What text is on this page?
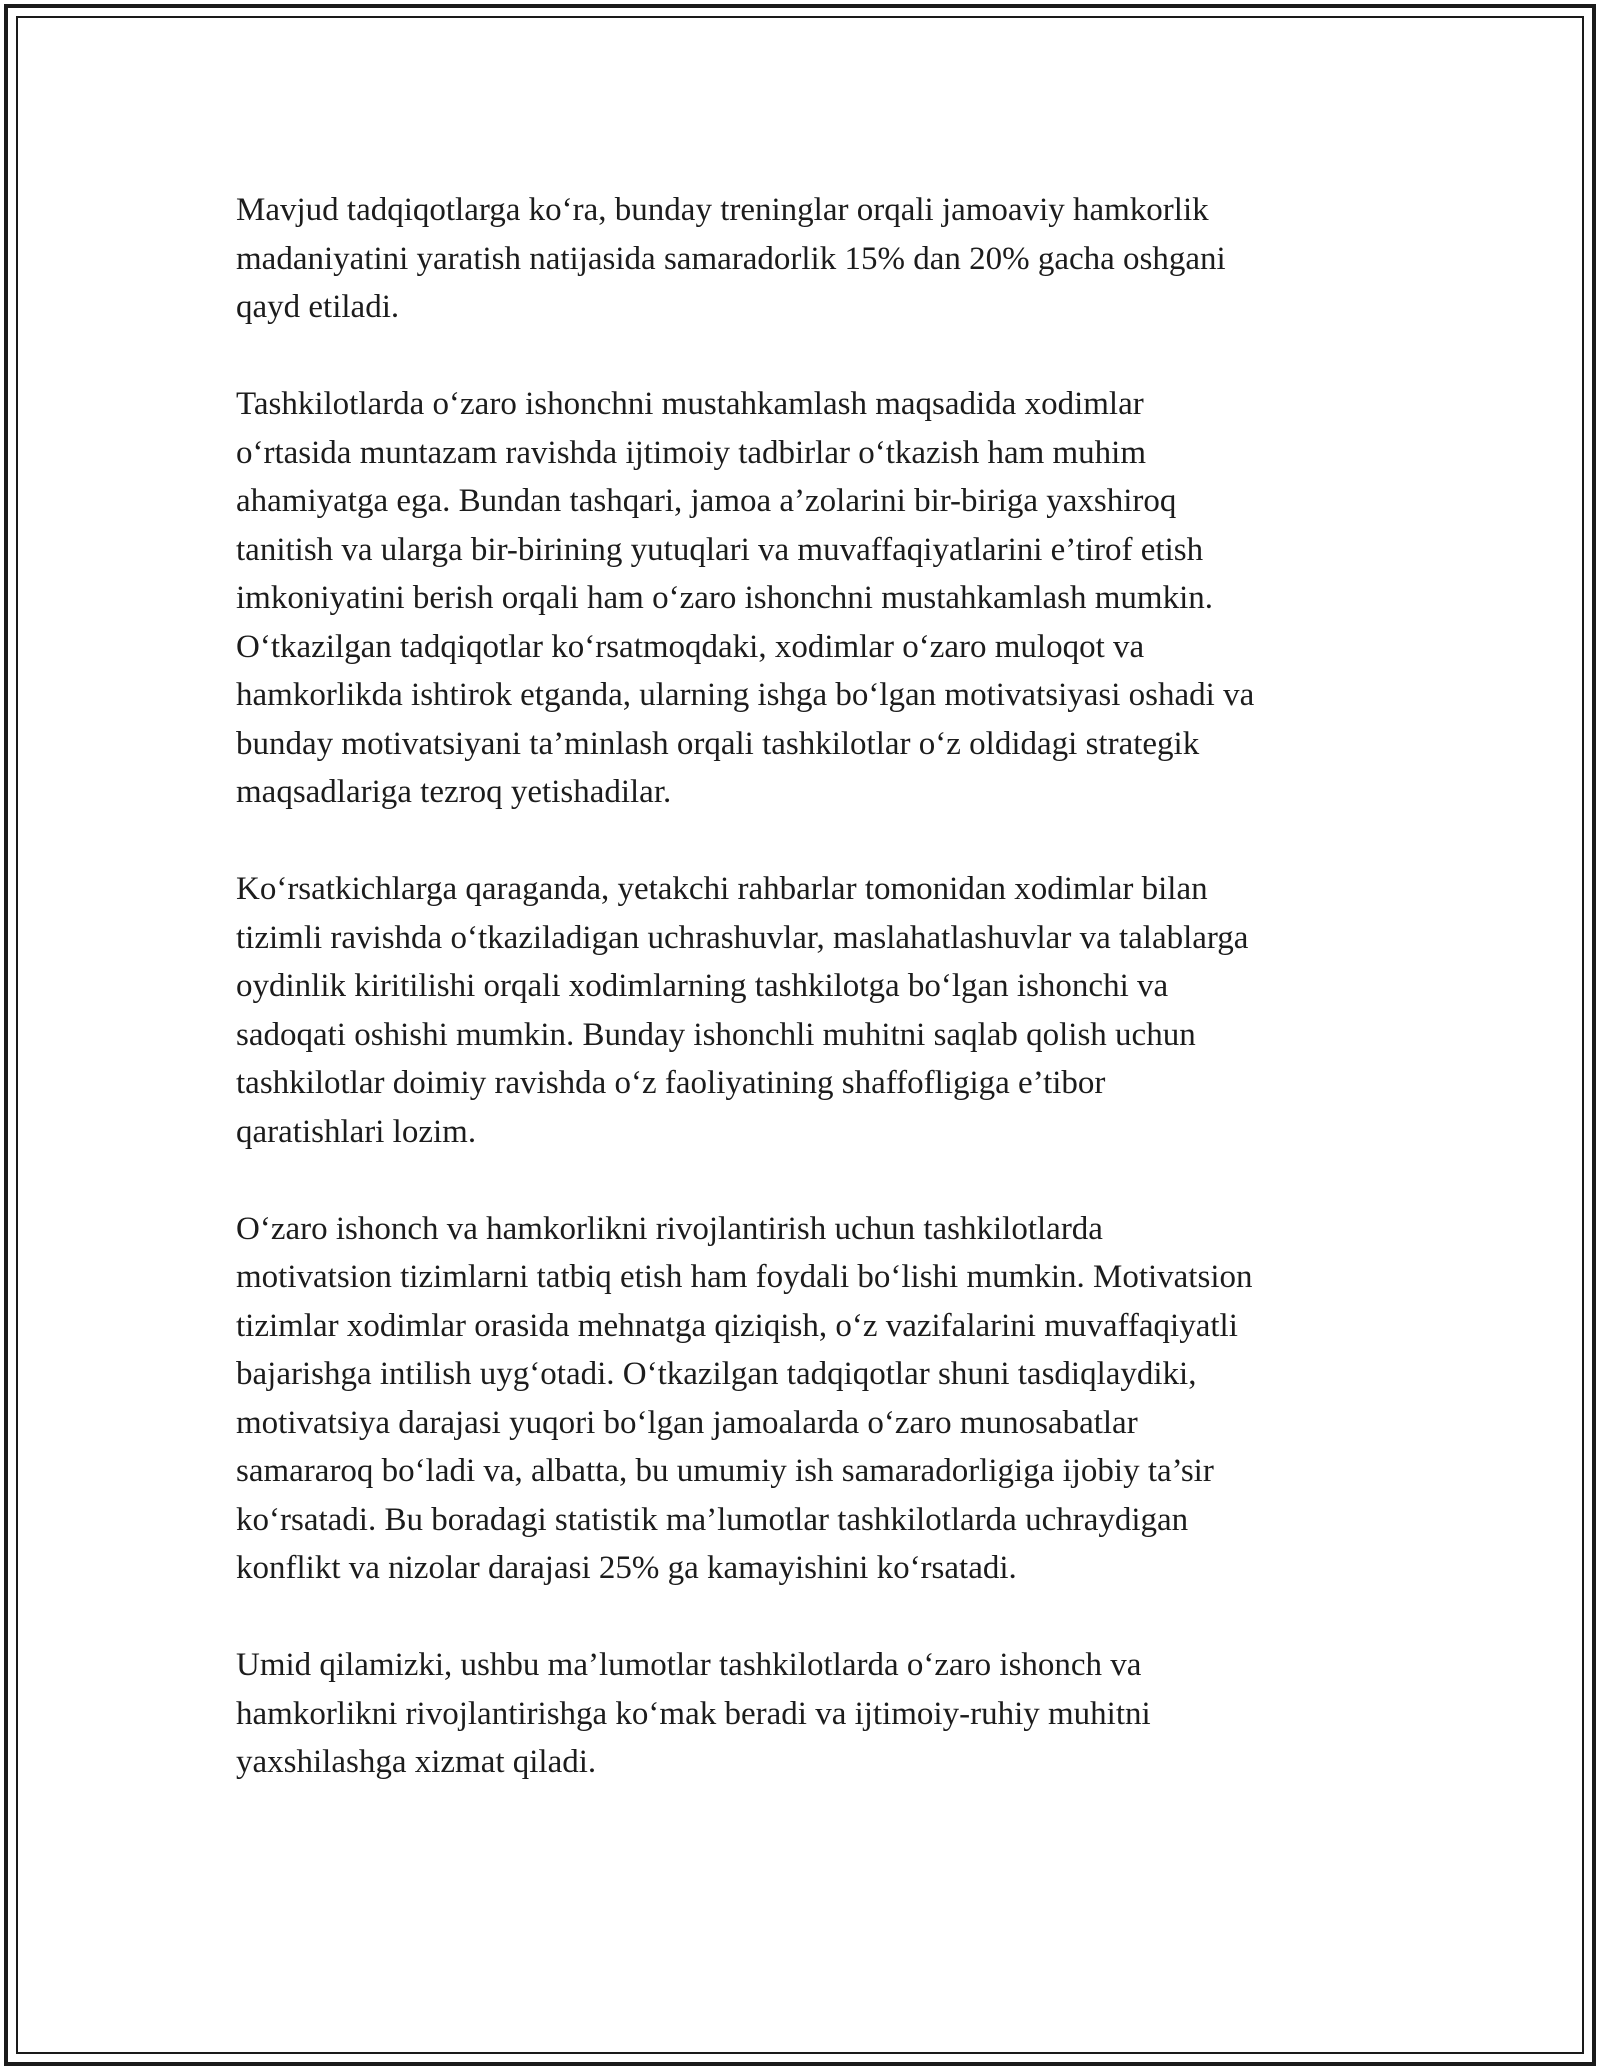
Mavjud tadqiqotlarga koʻra, bunday treninglar orqali jamoaviy hamkorlik
madaniyatini yaratish natijasida samaradorlik 15% dan 20% gacha oshgani
qayd etiladi.

Tashkilotlarda oʻzaro ishonchni mustahkamlash maqsadida xodimlar
oʻrtasida muntazam ravishda ijtimoiy tadbirlar oʻtkazish ham muhim
ahamiyatga ega. Bundan tashqari, jamoa a’zolarini bir-biriga yaxshiroq
tanitish va ularga bir-birining yutuqlari va muvaffaqiyatlarini e’tirof etish
imkoniyatini berish orqali ham oʻzaro ishonchni mustahkamlash mumkin.
Oʻtkazilgan tadqiqotlar koʻrsatmoqdaki, xodimlar oʻzaro muloqot va
hamkorlikda ishtirok etganda, ularning ishga boʻlgan motivatsiyasi oshadi va
bunday motivatsiyani ta’minlash orqali tashkilotlar oʻz oldidagi strategik
maqsadlariga tezroq yetishadilar.

Koʻrsatkichlarga qaraganda, yetakchi rahbarlar tomonidan xodimlar bilan
tizimli ravishda oʻtkaziladigan uchrashuvlar, maslahatlashuvlar va talablarga
oydinlik kiritilishi orqali xodimlarning tashkilotga boʻlgan ishonchi va
sadoqati oshishi mumkin. Bunday ishonchli muhitni saqlab qolish uchun
tashkilotlar doimiy ravishda oʻz faoliyatining shaffofligiga e’tibor
qaratishlari lozim.

Oʻzaro ishonch va hamkorlikni rivojlantirish uchun tashkilotlarda
motivatsion tizimlarni tatbiq etish ham foydali boʻlishi mumkin. Motivatsion
tizimlar xodimlar orasida mehnatga qiziqish, oʻz vazifalarini muvaffaqiyatli
bajarishga intilish uygʻotadi. Oʻtkazilgan tadqiqotlar shuni tasdiqlaydiki,
motivatsiya darajasi yuqori boʻlgan jamoalarda oʻzaro munosabatlar
samararoq boʻladi va, albatta, bu umumiy ish samaradorligiga ijobiy ta’sir
koʻrsatadi. Bu boradagi statistik ma’lumotlar tashkilotlarda uchraydigan
konflikt va nizolar darajasi 25% ga kamayishini koʻrsatadi.

Umid qilamizki, ushbu ma’lumotlar tashkilotlarda oʻzaro ishonch va
hamkorlikni rivojlantirishga koʻmak beradi va ijtimoiy-ruhiy muhitni
yaxshilashga xizmat qiladi.
